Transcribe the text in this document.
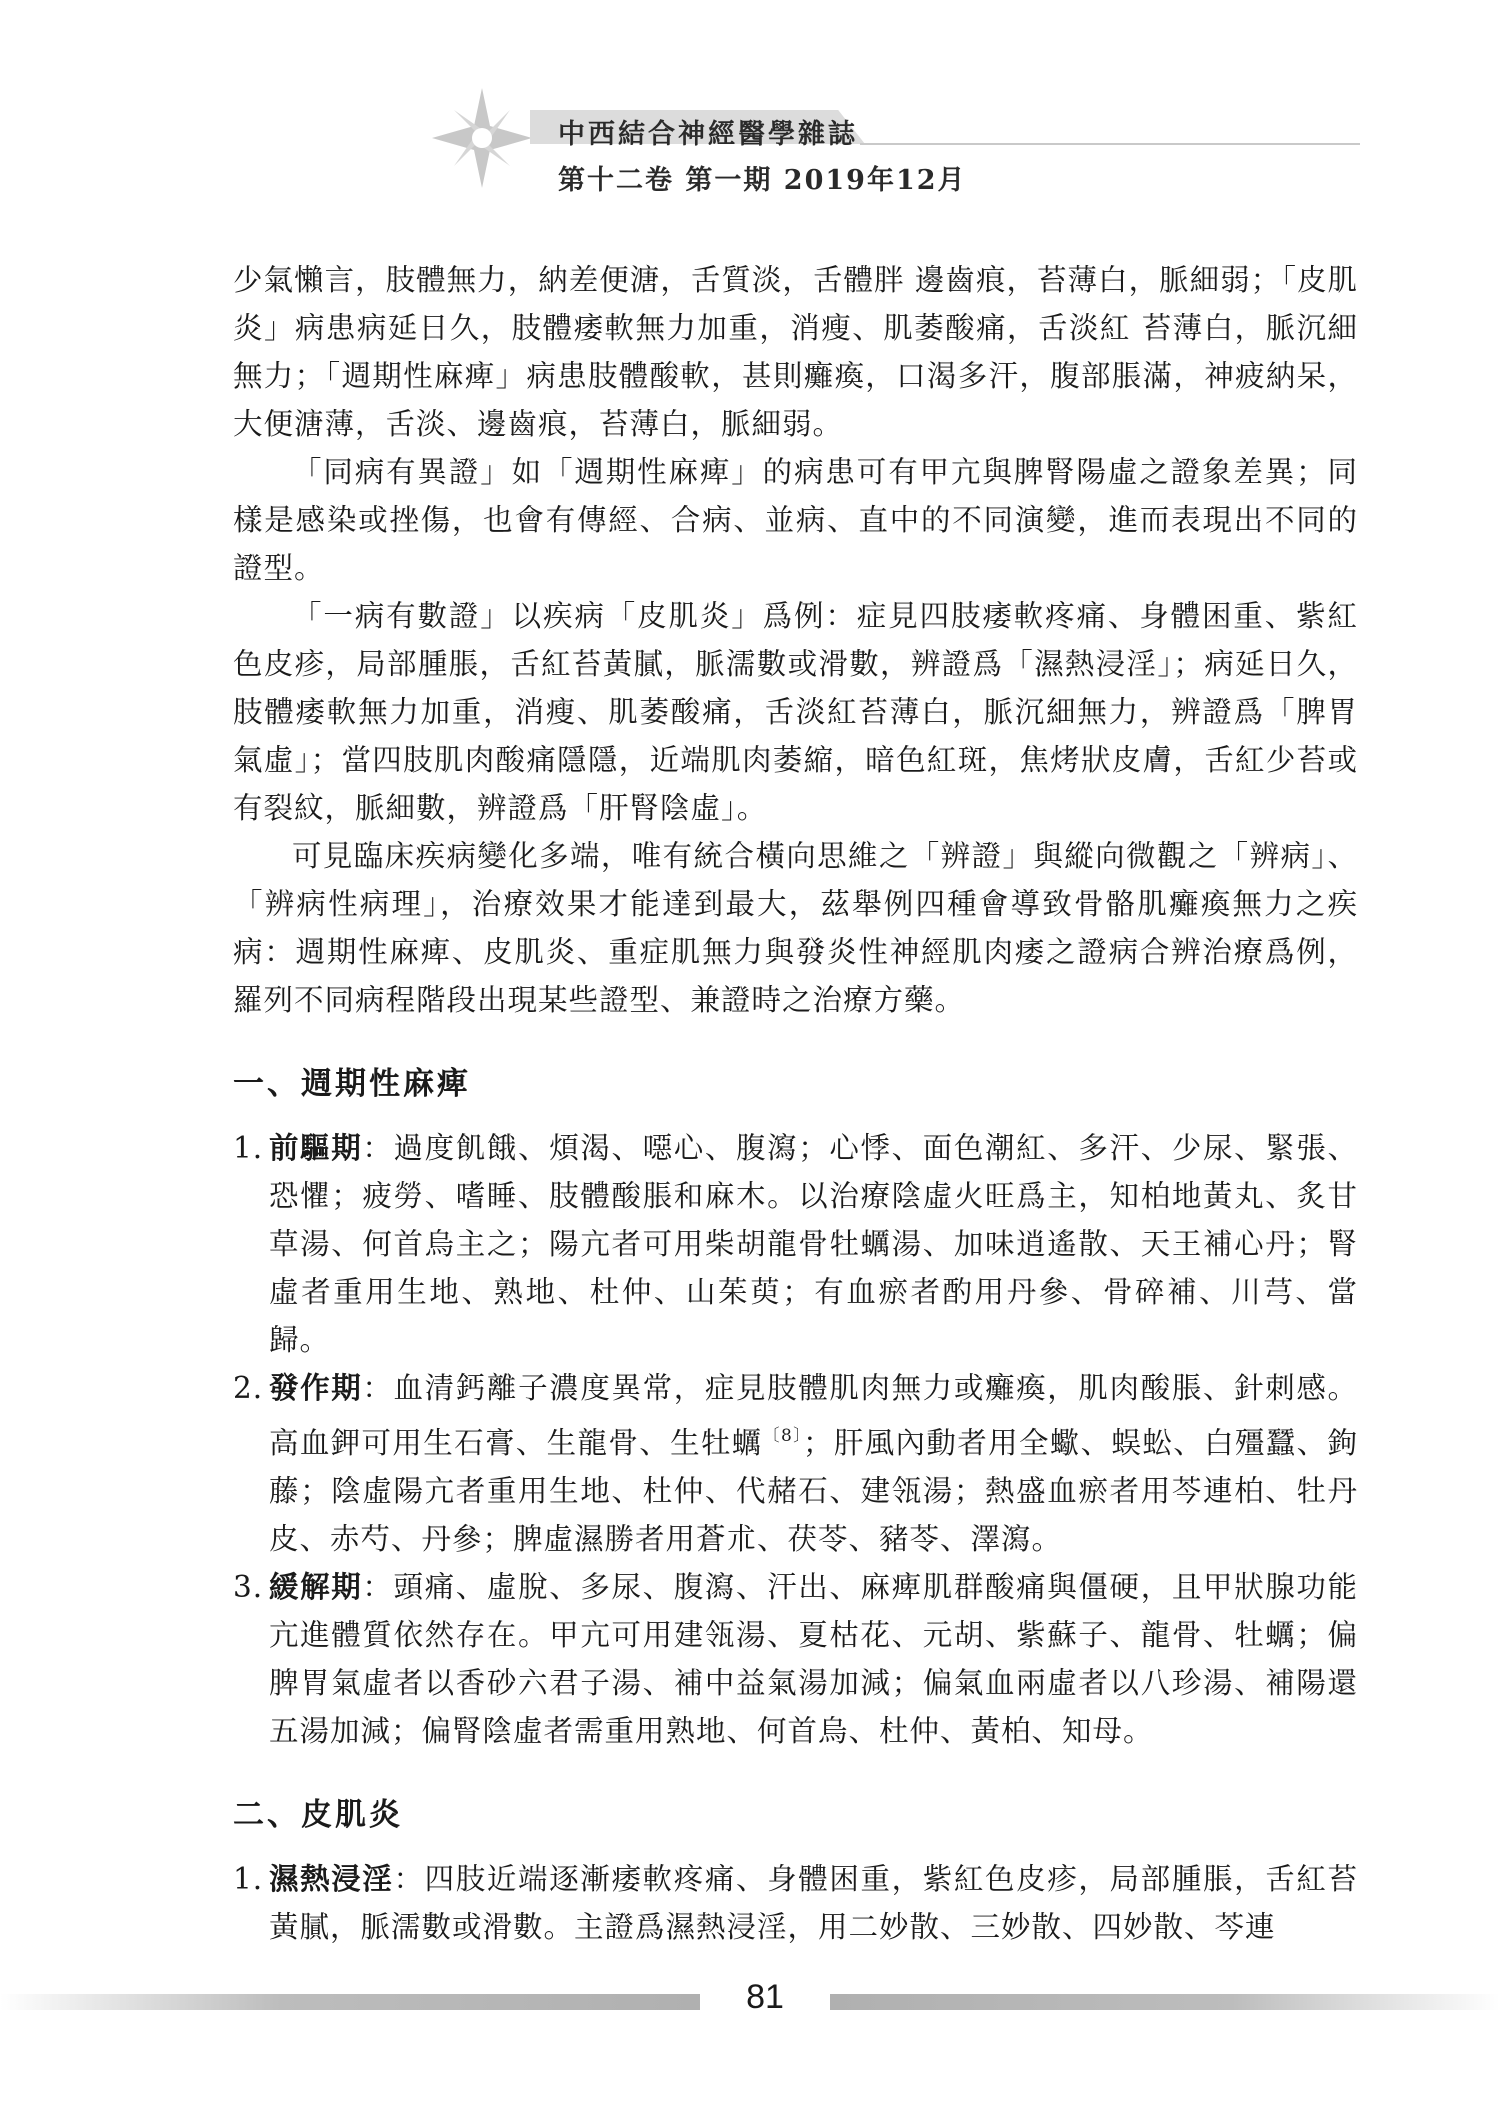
中西結合神經醫學雜誌
第十二卷 第一期 2019年12月

少氣懶言，肢體無力，納差便溏，舌質淡，舌體胖 邊齒痕，苔薄白，脈細弱；「皮肌炎」病患病延日久，肢體痿軟無力加重，消瘦、肌萎酸痛，舌淡紅 苔薄白，脈沉細無力；「週期性麻痺」病患肢體酸軟，甚則癱瘓，口渴多汗，腹部脹滿，神疲納呆，大便溏薄，舌淡、邊齒痕，苔薄白，脈細弱。

「同病有異證」如「週期性麻痺」的病患可有甲亢與脾腎陽虛之證象差異；同樣是感染或挫傷，也會有傳經、合病、並病、直中的不同演變，進而表現出不同的證型。

「一病有數證」以疾病「皮肌炎」爲例：症見四肢痿軟疼痛、身體困重、紫紅色皮疹，局部腫脹，舌紅苔黃膩，脈濡數或滑數，辨證爲「濕熱浸淫」；病延日久，肢體痿軟無力加重，消瘦、肌萎酸痛，舌淡紅苔薄白，脈沉細無力，辨證爲「脾胃氣虛」；當四肢肌肉酸痛隱隱，近端肌肉萎縮，暗色紅斑，焦烤狀皮膚，舌紅少苔或有裂紋，脈細數，辨證爲「肝腎陰虛」。

可見臨床疾病變化多端，唯有統合橫向思維之「辨證」與縱向微觀之「辨病」、「辨病性病理」，治療效果才能達到最大，茲舉例四種會導致骨骼肌癱瘓無力之疾病：週期性麻痺、皮肌炎、重症肌無力與發炎性神經肌肉痿之證病合辨治療爲例，羅列不同病程階段出現某些證型、兼證時之治療方藥。

一、週期性麻痺
1. 前驅期：過度飢餓、煩渴、噁心、腹瀉；心悸、面色潮紅、多汗、少尿、緊張、恐懼；疲勞、嗜睡、肢體酸脹和麻木。以治療陰虛火旺爲主，知柏地黃丸、炙甘草湯、何首烏主之；陽亢者可用柴胡龍骨牡蠣湯、加味逍遙散、天王補心丹；腎虛者重用生地、熟地、杜仲、山茱萸；有血瘀者酌用丹參、骨碎補、川芎、當歸。
2. 發作期：血清鈣離子濃度異常，症見肢體肌肉無力或癱瘓，肌肉酸脹、針刺感。高血鉀可用生石膏、生龍骨、生牡蠣$^{〔8〕}$；肝風內動者用全蠍、蜈蚣、白殭蠶、鉤藤；陰虛陽亢者重用生地、杜仲、代赭石、建瓴湯；熱盛血瘀者用芩連柏、牡丹皮、赤芍、丹參；脾虛濕勝者用蒼朮、茯苓、豬苓、澤瀉。
3. 緩解期：頭痛、虛脫、多尿、腹瀉、汗出、麻痺肌群酸痛與僵硬，且甲狀腺功能亢進體質依然存在。甲亢可用建瓴湯、夏枯花、元胡、紫蘇子、龍骨、牡蠣；偏脾胃氣虛者以香砂六君子湯、補中益氣湯加減；偏氣血兩虛者以八珍湯、補陽還五湯加減；偏腎陰虛者需重用熟地、何首烏、杜仲、黃柏、知母。
二、皮肌炎
1. 濕熱浸淫：四肢近端逐漸痿軟疼痛、身體困重，紫紅色皮疹，局部腫脹，舌紅苔黃膩，脈濡數或滑數。主證爲濕熱浸淫，用二妙散、三妙散、四妙散、芩連
81
